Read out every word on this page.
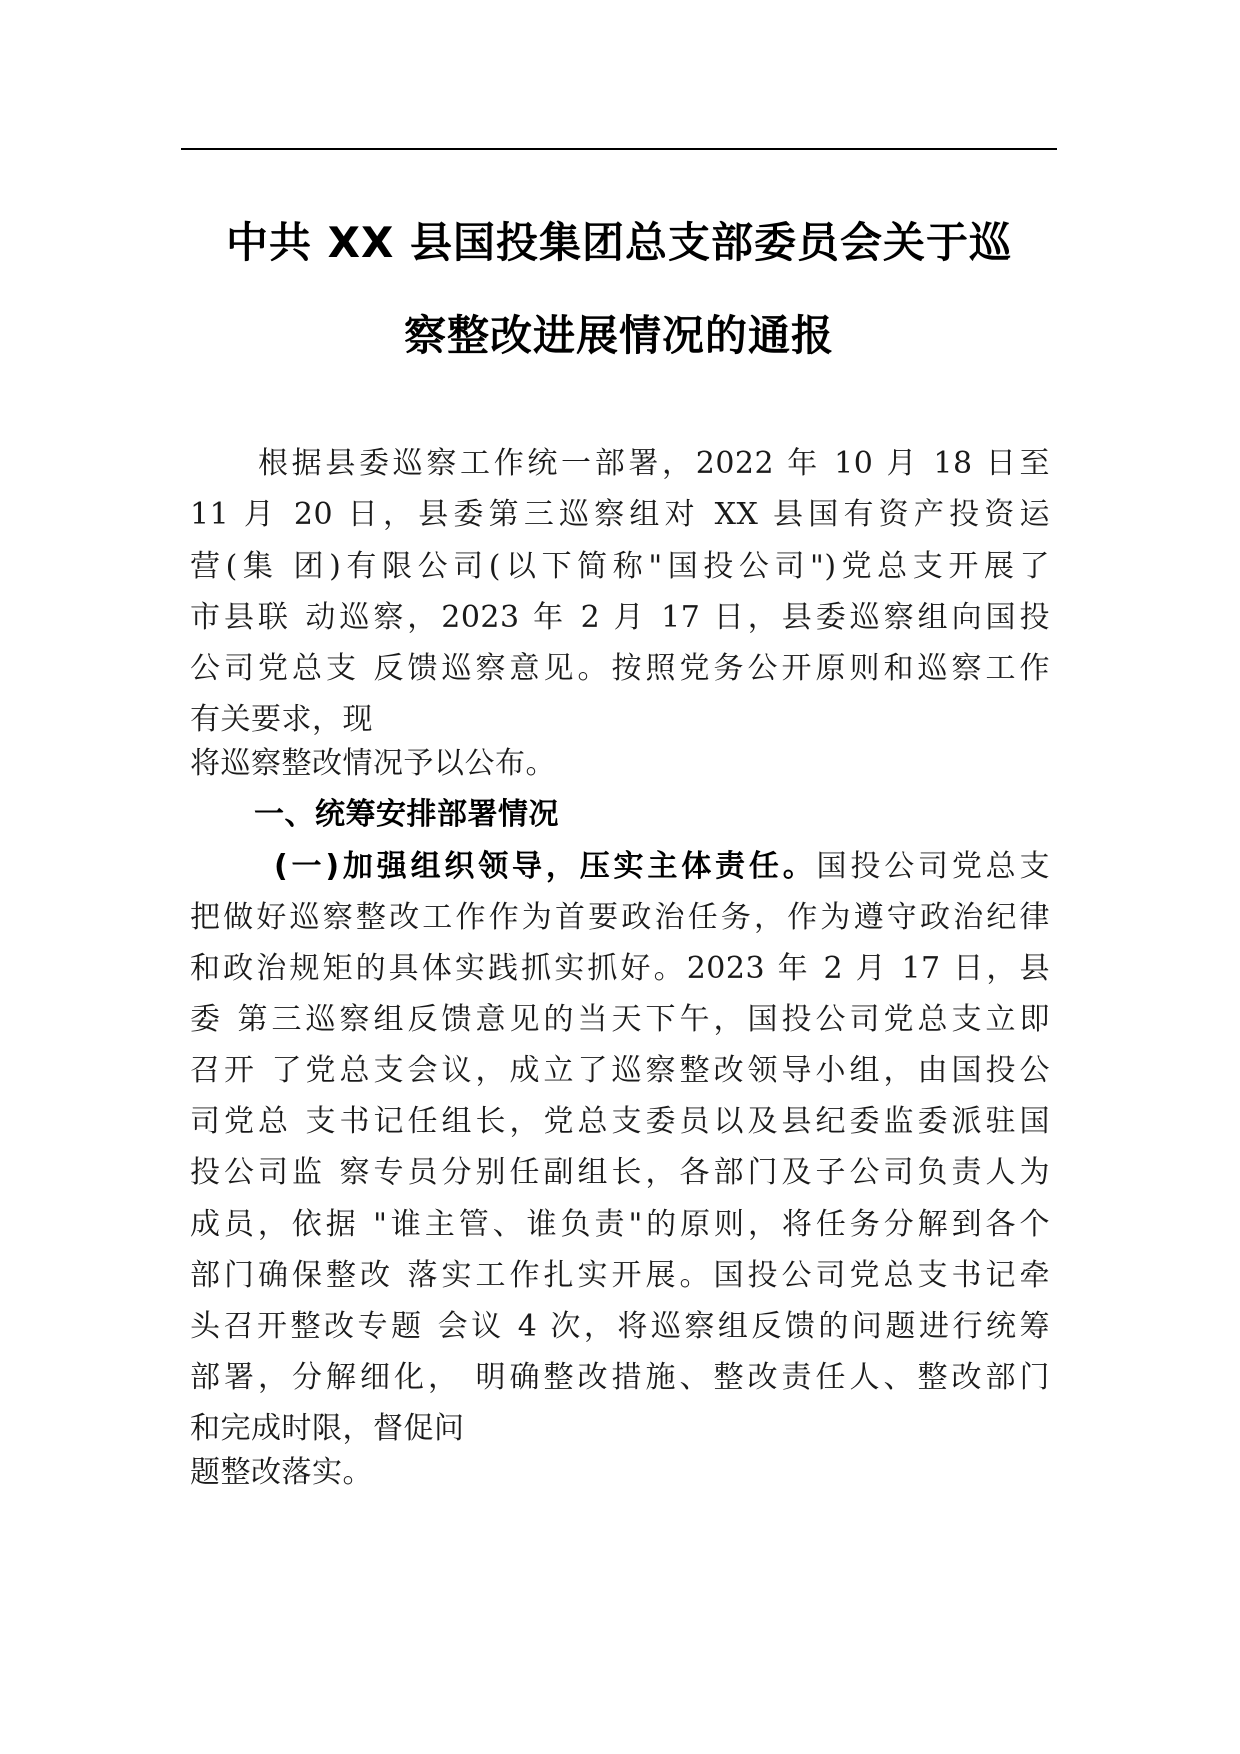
中共 XX 县国投集团总支部委员会关于巡
察整改进展情况的通报
根据县委巡察工作统一部署，2022 年 10 月 18 日至
11 月 20 日，县委第三巡察组对 XX 县国有资产投资运
营(集 团)有限公司(以下简称"国投公司")党总支开展了
市县联 动巡察，2023 年 2 月 17 日，县委巡察组向国投
公司党总支 反馈巡察意见。按照党务公开原则和巡察工作
有关要求，现
将巡察整改情况予以公布。
一、统筹安排部署情况
(一)加强组织领导，压实主体责任。国投公司党总支
把做好巡察整改工作作为首要政治任务，作为遵守政治纪律
和政治规矩的具体实践抓实抓好。2023 年 2 月 17 日，县
委 第三巡察组反馈意见的当天下午，国投公司党总支立即
召开 了党总支会议，成立了巡察整改领导小组，由国投公
司党总 支书记任组长，党总支委员以及县纪委监委派驻国
投公司监 察专员分别任副组长，各部门及子公司负责人为
成员，依据 "谁主管、谁负责"的原则，将任务分解到各个
部门确保整改 落实工作扎实开展。国投公司党总支书记牵
头召开整改专题 会议 4 次，将巡察组反馈的问题进行统筹
部署，分解细化， 明确整改措施、整改责任人、整改部门
和完成时限，督促问
题整改落实。
